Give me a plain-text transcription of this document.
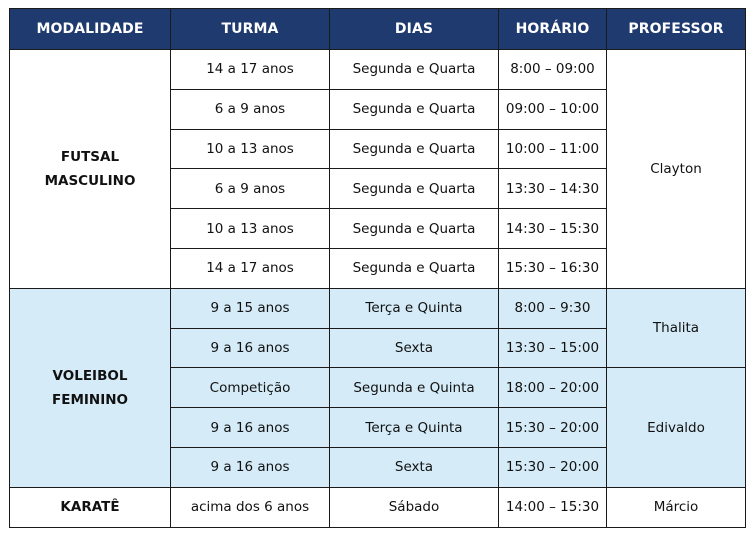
MODALIDADE	TURMA	DIAS	HORÁRIO	PROFESSOR

FUTSAL
MASCULINO	14 a 17 anos	Segunda e Quarta	8:00 – 09:00	Clayton
	6 a 9 anos	Segunda e Quarta	09:00 – 10:00	
	10 a 13 anos	Segunda e Quarta	10:00 – 11:00	
	6 a 9 anos	Segunda e Quarta	13:30 – 14:30	
	10 a 13 anos	Segunda e Quarta	14:30 – 15:30	
	14 a 17 anos	Segunda e Quarta	15:30 – 16:30	

VOLEIBOL
FEMININO	9 a 15 anos	Terça e Quinta	8:00 – 9:30	Thalita
	9 a 16 anos	Sexta	13:30 – 15:00	
	Competição	Segunda e Quinta	18:00 – 20:00	Edivaldo
	9 a 16 anos	Terça e Quinta	15:30 – 20:00	
	9 a 16 anos	Sexta	15:30 – 20:00	

KARATÊ	acima dos 6 anos	Sábado	14:00 – 15:30	Márcio
